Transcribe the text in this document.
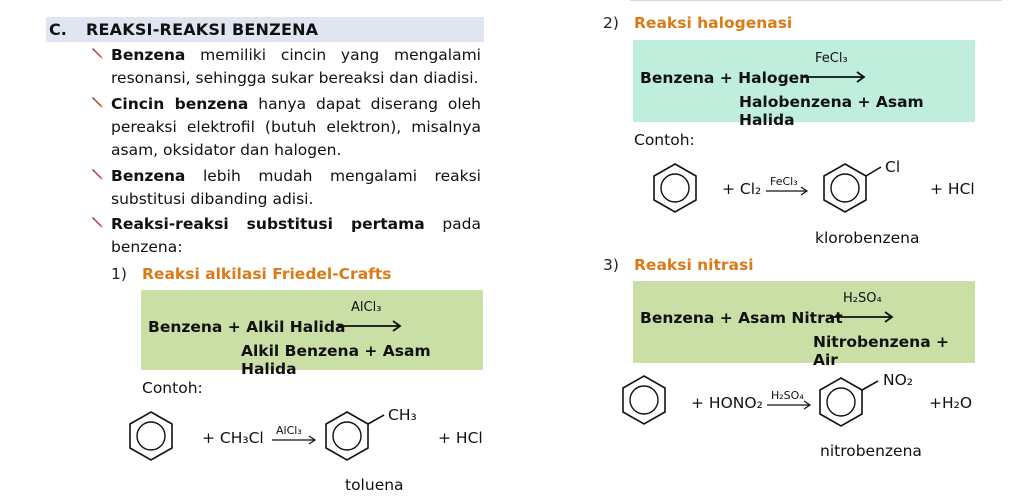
C. REAKSI-REAKSI BENZENA
Benzena memiliki cincin yang mengalami resonansi, sehingga sukar bereaksi dan diadisi.
Cincin benzena hanya dapat diserang oleh pereaksi elektrofil (butuh elektron), misalnya asam, oksidator dan halogen.
Benzena lebih mudah mengalami reaksi substitusi dibanding adisi.
Reaksi-reaksi substitusi pertama pada benzena:
1) Reaksi alkilasi Friedel-Crafts
Benzena + Alkil Halida
AlCl₃
Alkil Benzena + Asam Halida
Contoh:
+ CH₃Cl AlCl₃
CH₃
+ HCl
toluena
2) Reaksi halogenasi
Benzena + Halogen
FeCl₃
Halobenzena + Asam Halida
Contoh:
+ Cl₂ FeCl₃
Cl
+ HCl
klorobenzena
3) Reaksi nitrasi
Benzena + Asam Nitrat
H₂SO₄
Nitrobenzena + Air
+ HONO₂ H₂SO₄
NO₂
+H₂O
nitrobenzena
